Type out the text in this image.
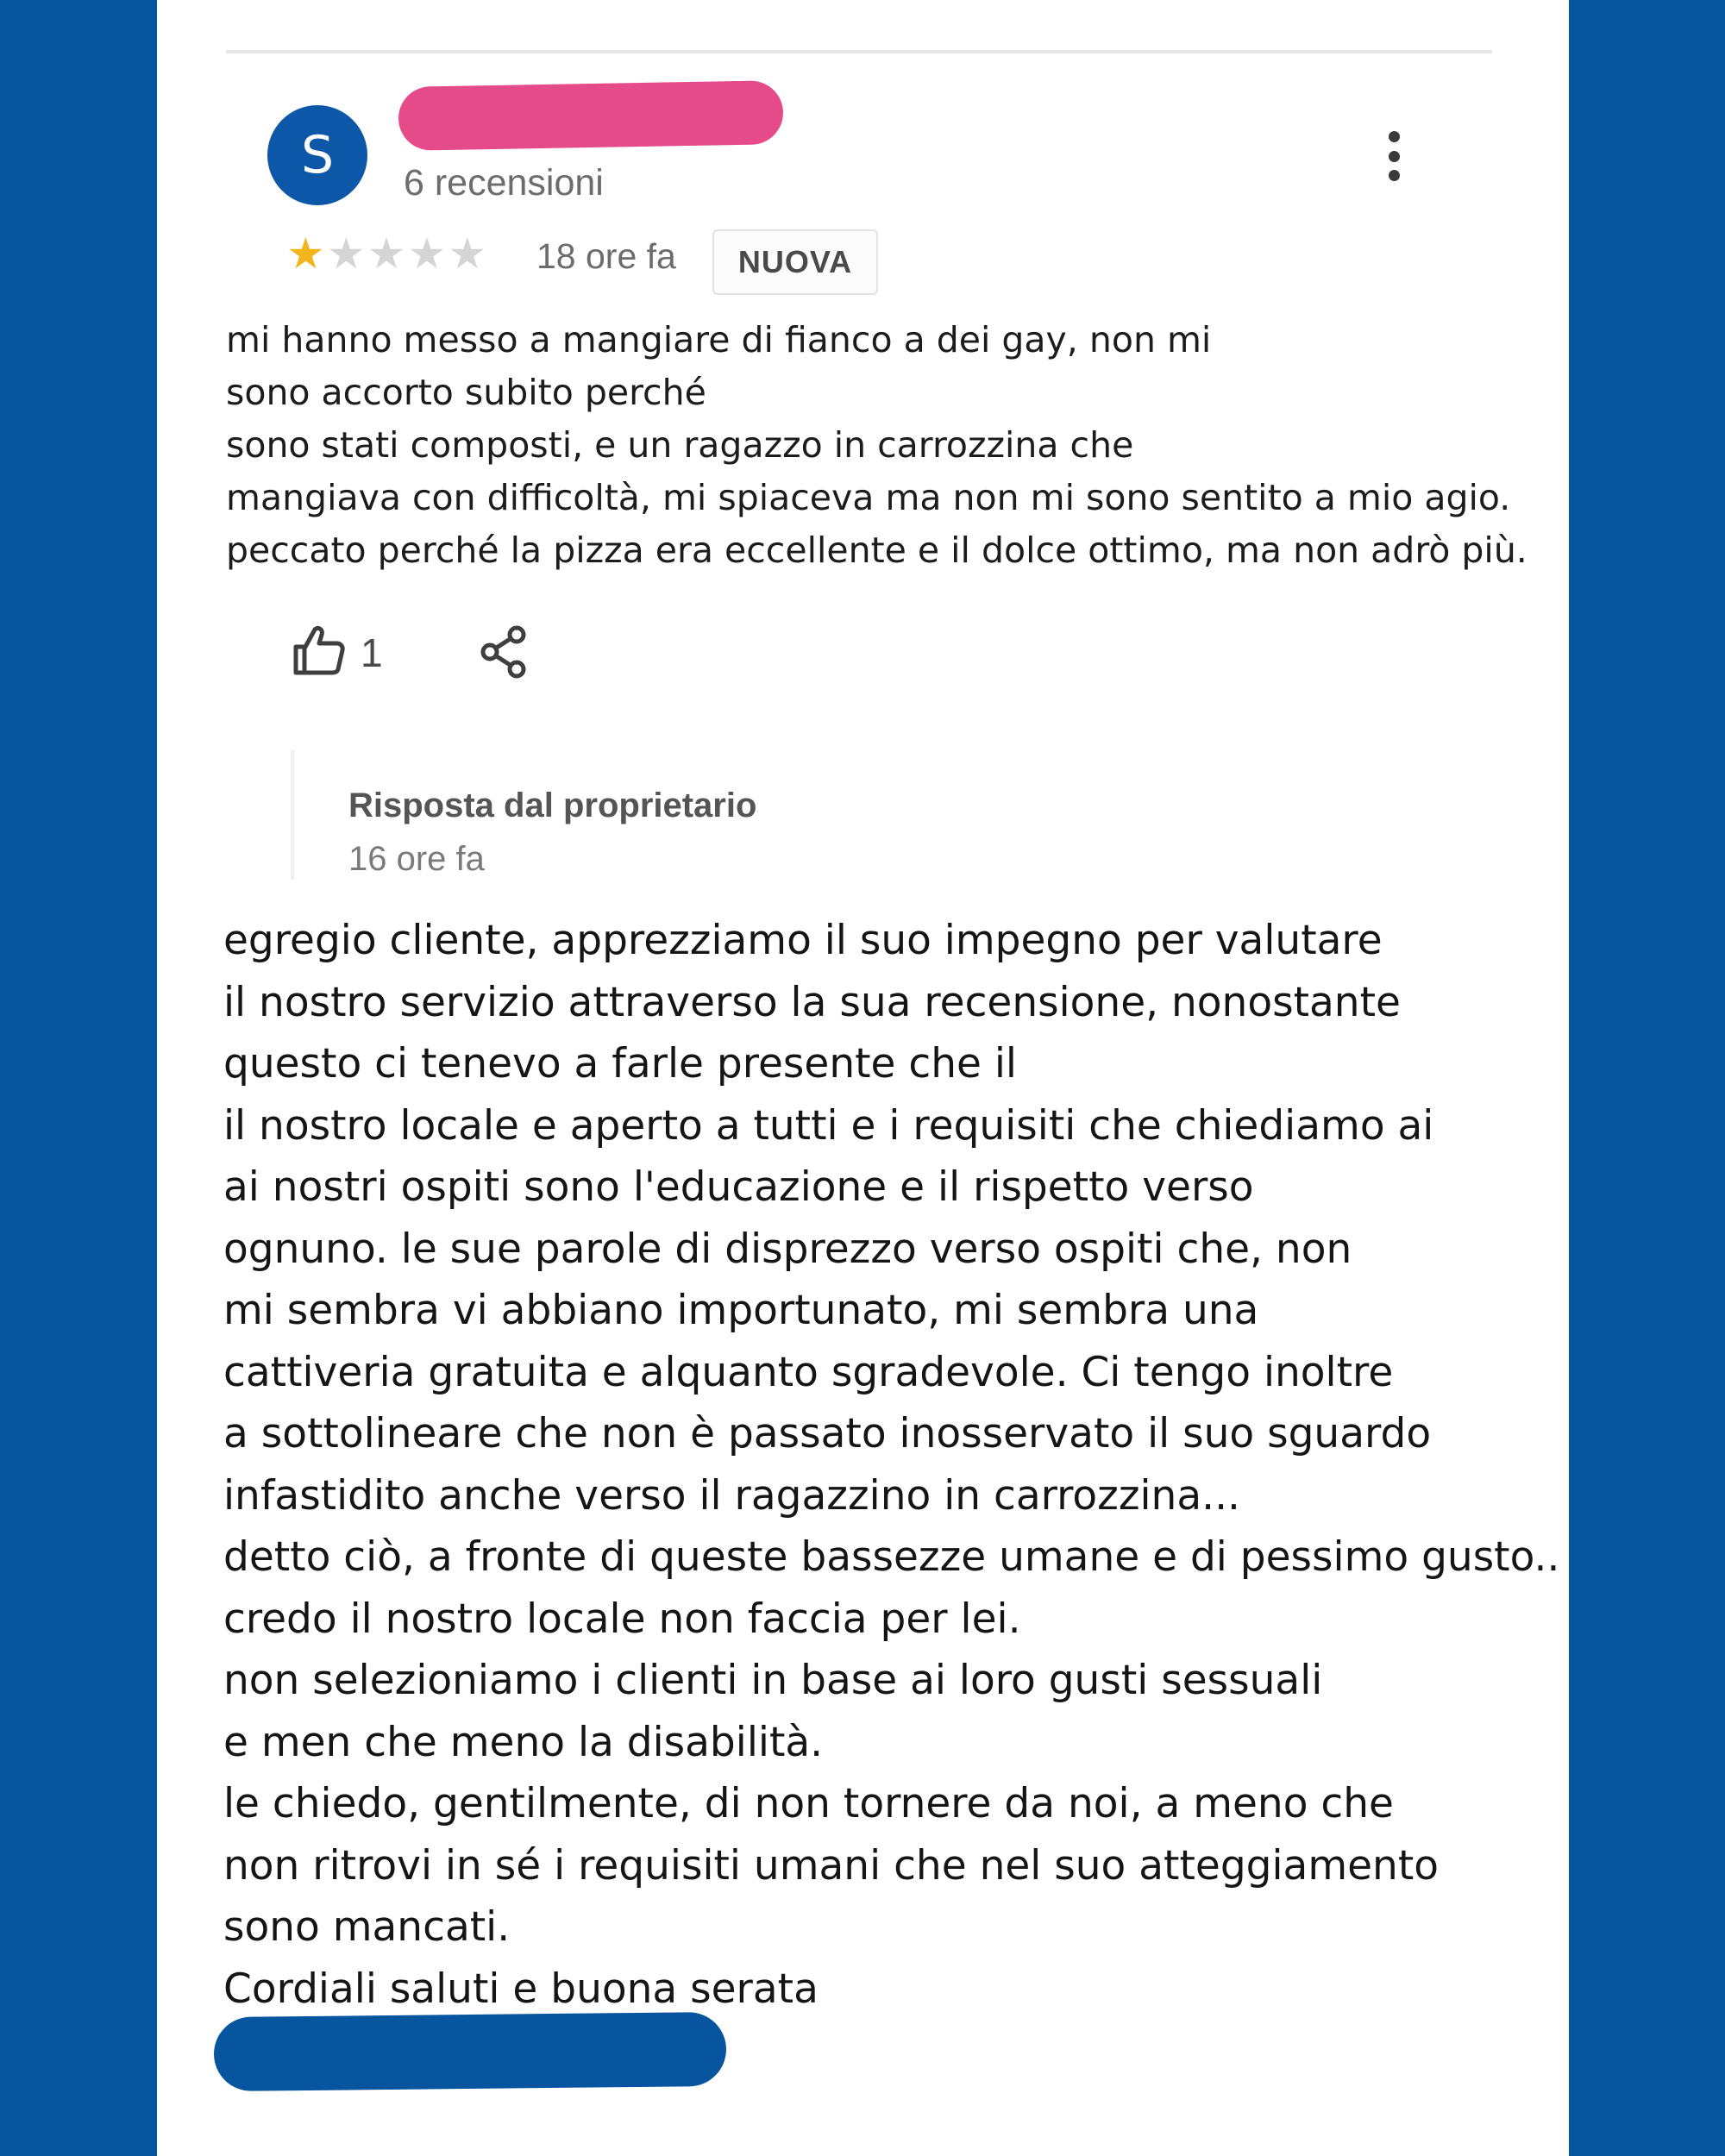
S	6 recensioni
★★★★★ 18 ore fa	NUOVA
mi hanno messo a mangiare di fianco a dei gay, non mi
sono accorto subito perché
sono stati composti, e un ragazzo in carrozzina che
mangiava con difficoltà, mi spiaceva ma non mi sono sentito a mio agio.
peccato perché la pizza era eccellente e il dolce ottimo, ma non adrò più.
1
Risposta dal proprietario
16 ore fa
egregio cliente, apprezziamo il suo impegno per valutare
il nostro servizio attraverso la sua recensione, nonostante
questo ci tenevo a farle presente che il
il nostro locale e aperto a tutti e i requisiti che chiediamo ai
ai nostri ospiti sono l'educazione e il rispetto verso
ognuno. le sue parole di disprezzo verso ospiti che, non
mi sembra vi abbiano importunato, mi sembra una
cattiveria gratuita e alquanto sgradevole. Ci tengo inoltre
a sottolineare che non è passato inosservato il suo sguardo
infastidito anche verso il ragazzino in carrozzina...
detto ciò, a fronte di queste bassezze umane e di pessimo gusto..
credo il nostro locale non faccia per lei.
non selezioniamo i clienti in base ai loro gusti sessuali
e men che meno la disabilità.
le chiedo, gentilmente, di non tornere da noi, a meno che
non ritrovi in sé i requisiti umani che nel suo atteggiamento
sono mancati.
Cordiali saluti e buona serata
